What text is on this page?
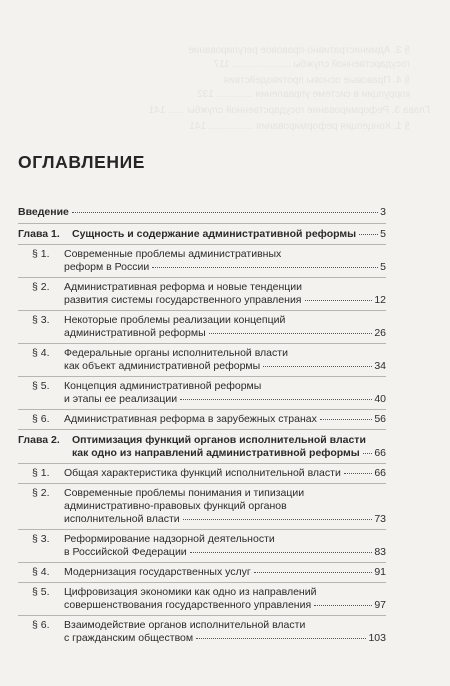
§ 3. Административно-правовое регулирование
государственной службы ..................... 117
§ 4. Правовые основы противодействия
коррупции в системе управления ............. 132
Глава 3. Реформирование государственной службы ...... 141
§ 1. Концепция реформирования ................ 141
ОГЛАВЛЕНИЕ
Введение	3
Глава 1.	Сущность и содержание административной реформы 5
§ 1.	Современные проблемы административных
реформ в России	5
§ 2.	Административная реформа и новые тенденции
развития системы государственного управления	12
§ 3.	Некоторые проблемы реализации концепций
административной реформы	26
§ 4.	Федеральные органы исполнительной власти
как объект административной реформы	34
§ 5.	Концепция административной реформы
и этапы ее реализации	40
§ 6.	Административная реформа в зарубежных странах	56
Глава 2.	Оптимизация функций органов исполнительной власти
как одно из направлений административной реформы 66
§ 1.	Общая характеристика функций исполнительной власти	66
§ 2.	Современные проблемы понимания и типизации
административно-правовых функций органов
исполнительной власти	73
§ 3.	Реформирование надзорной деятельности
в Российской Федерации	83
§ 4.	Модернизация государственных услуг	91
§ 5.	Цифровизация экономики как одно из направлений
совершенствования государственного управления	97
§ 6.	Взаимодействие органов исполнительной власти
с гражданским обществом	103
